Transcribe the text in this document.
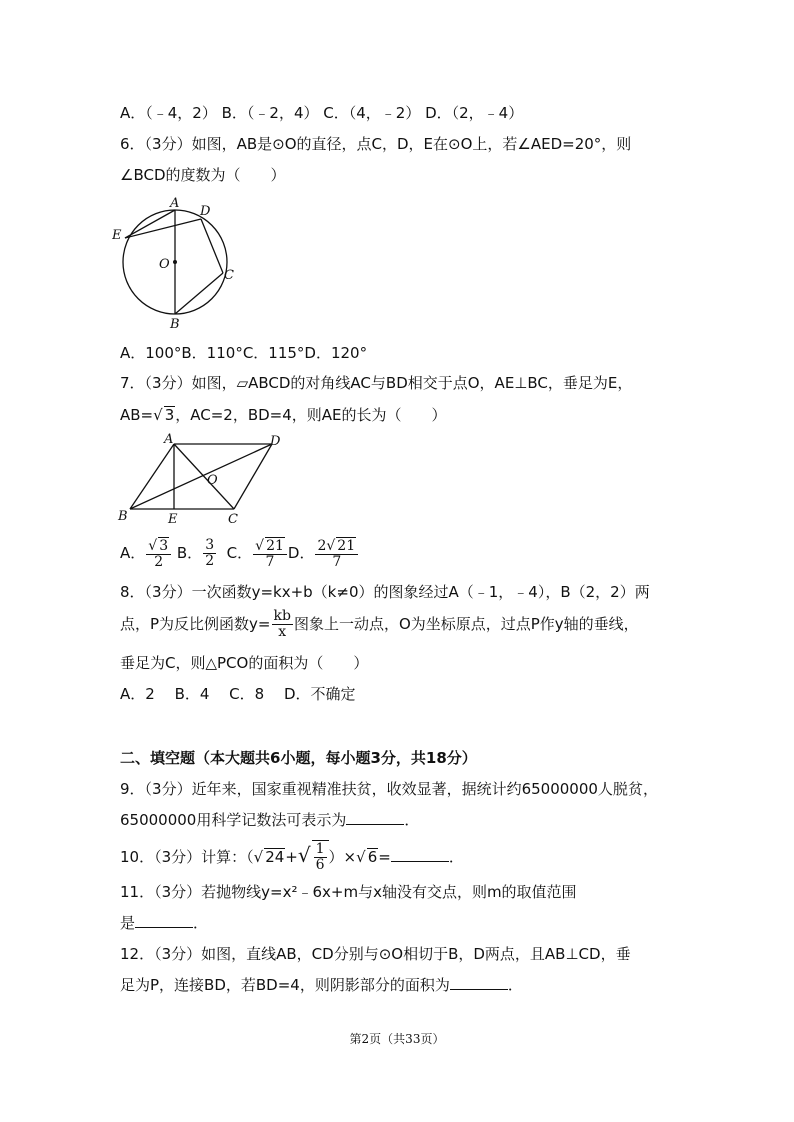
A．（﹣4，2） B．（﹣2，4） C．（4，﹣2） D．（2，﹣4）
6．（3分）如图，AB是⊙O的直径，点C，D，E在⊙O上，若∠AED=20°，则
∠BCD的度数为（　　）
A
D
E
O
C
B
A．100°B．110°C．115°D．120°
7．（3分）如图，▱ABCD的对角线AC与BD相交于点O，AE⊥BC，垂足为E，
AB=√ 3，AC=2，BD=4，则AE的长为（　　）
A	D
O
B	E	C
A． $\frac{√ 3}{2}$ B． $\frac{3}{2}$ C． $\frac{√ 21}{7}$ D． $\frac{2√ 21}{7}$
8．（3分）一次函数y=kx+b（k≠0）的图象经过A（﹣1，﹣4），B（2，2）两
点，P为反比例函数$y= \frac{kb}{x}$ 图象上一动点，O为坐标原点，过点P作y轴的垂线，
垂足为C，则△PCO的面积为（　　）
A．2　 B．4　 C．8　 D．不确定
二、填空题（本大题共6小题，每小题3分，共18分）
9．（3分）近年来，国家重视精准扶贫，收效显著，据统计约65000000人脱贫，
65000000用科学记数法可表示为	．
10．（3分）计算：（√ $24+√ \frac{1}{6}$ ）×√ 6=	．
11．（3分）若抛物线y=x²﹣6x+m与x轴没有交点，则m的取值范围
是	．
12．（3分）如图，直线AB，CD分别与⊙O相切于B，D两点，且AB⊥CD，垂
足为P，连接BD，若BD=4，则阴影部分的面积为	．
第2页（共33页）
